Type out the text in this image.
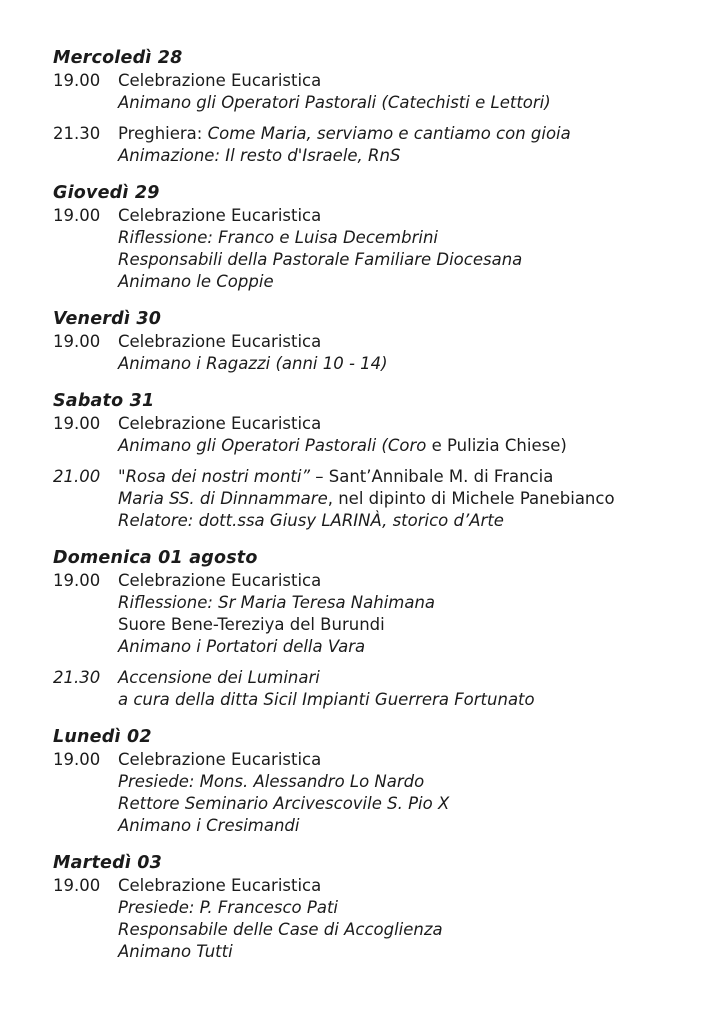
Mercoledì 28
19.00 Celebrazione Eucaristica
Animano gli Operatori Pastorali (Catechisti e Lettori)
21.30 Preghiera: Come Maria, serviamo e cantiamo con gioia
Animazione: Il resto d'Israele, RnS
Giovedì 29
19.00 Celebrazione Eucaristica
Riflessione: Franco e Luisa Decembrini
Responsabili della Pastorale Familiare Diocesana
Animano le Coppie
Venerdì 30
19.00 Celebrazione Eucaristica
Animano i Ragazzi (anni 10 - 14)
Sabato 31
19.00 Celebrazione Eucaristica
Animano gli Operatori Pastorali (Coro e Pulizia Chiese)
21.00 "Rosa dei nostri monti” – Sant’Annibale M. di Francia
Maria SS. di Dinnammare, nel dipinto di Michele Panebianco
Relatore: dott.ssa Giusy LARINÀ, storico d’Arte
Domenica 01 agosto
19.00 Celebrazione Eucaristica
Riflessione: Sr Maria Teresa Nahimana
Suore Bene-Tereziya del Burundi
Animano i Portatori della Vara
21.30 Accensione dei Luminari
a cura della ditta Sicil Impianti Guerrera Fortunato
Lunedì 02
19.00 Celebrazione Eucaristica
Presiede: Mons. Alessandro Lo Nardo
Rettore Seminario Arcivescovile S. Pio X
Animano i Cresimandi
Martedì 03
19.00 Celebrazione Eucaristica
Presiede: P. Francesco Pati
Responsabile delle Case di Accoglienza
Animano Tutti
